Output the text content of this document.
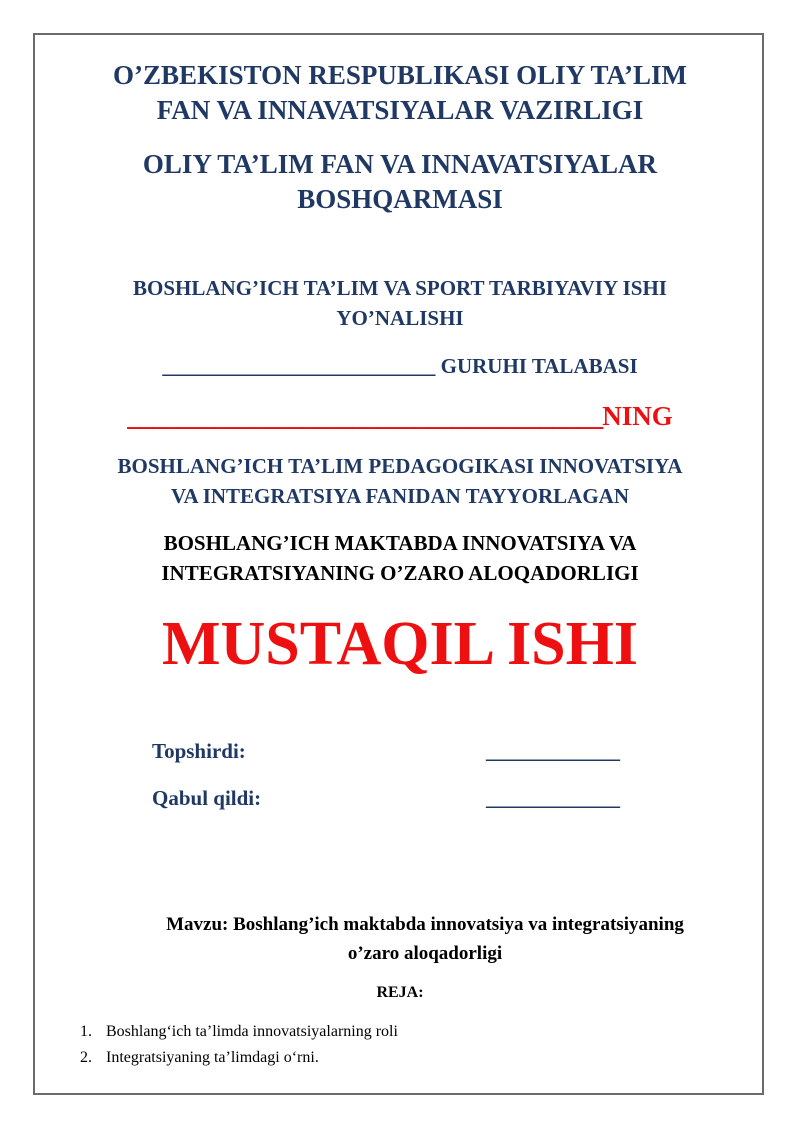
O’ZBEKISTON RESPUBLIKASI OLIY TA’LIM
FAN VA INNAVATSIYALAR VAZIRLIGI
OLIY TA’LIM FAN VA INNAVATSIYALAR
BOSHQARMASI
BOSHLANG’ICH TA’LIM VA SPORT TARBIYAVIY ISHI
YO’NALISHI
__________________________ GURUHI TALABASI
______________________________________NING
BOSHLANG’ICH TA’LIM PEDAGOGIKASI INNOVATSIYA
VA INTEGRATSIYA FANIDAN TAYYORLAGAN
BOSHLANG’ICH MAKTABDA INNOVATSIYA VA
INTEGRATSIYANING O’ZARO ALOQADORLIGI
MUSTAQIL ISHI
Topshirdi:	______________
Qabul qildi:	______________
Mavzu: Boshlang’ich maktabda innovatsiya va integratsiyaning
o’zaro aloqadorligi
REJA:
1. Boshlang‘ich ta’limda innovatsiyalarning roli
2. Integratsiyaning ta’limdagi o‘rni.
